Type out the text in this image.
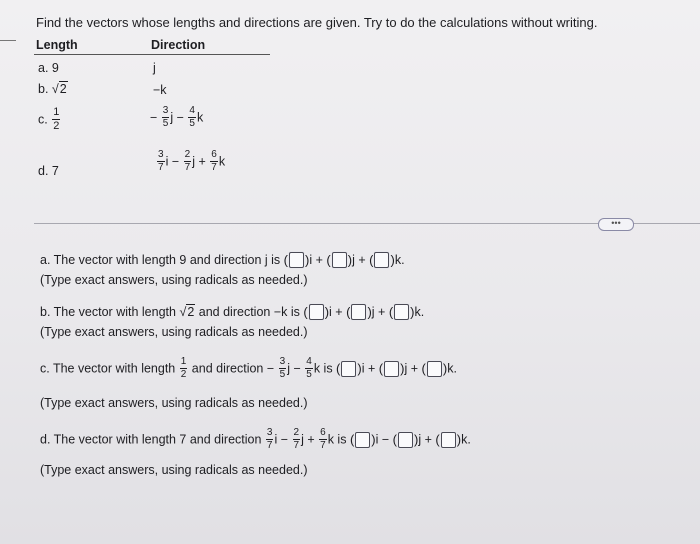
Find the vectors whose lengths and directions are given. Try to do the calculations without writing.
Length	Direction
a. 9	j
b. √2	−k
c. $\frac{1}{2}$	− $\frac{3}{5}$ $j - \frac{4}{5}$ k
d. 7	$\frac{3}{7}$ $i - \frac{2}{7}$ $j + \frac{6}{7}$ k
•••
a. The vector with length 9 and direction j is ( )i + ( )j + ( )k.
(Type exact answers, using radicals as needed.)
b. The vector with length √2 and direction −k is ( )i + ( )j + ( )k.
(Type exact answers, using radicals as needed.)
c. The vector with length $\frac{1}{2}$ and direction − $\frac{3}{5}$ $j - \frac{4}{5}$ k is ( )i + ( )j + ( )k.
(Type exact answers, using radicals as needed.)
d. The vector with length 7 and direction $\frac{3}{7}$ $i - \frac{2}{7}$ $j + \frac{6}{7}$ k is ( )i − ( )j + ( )k.
(Type exact answers, using radicals as needed.)
